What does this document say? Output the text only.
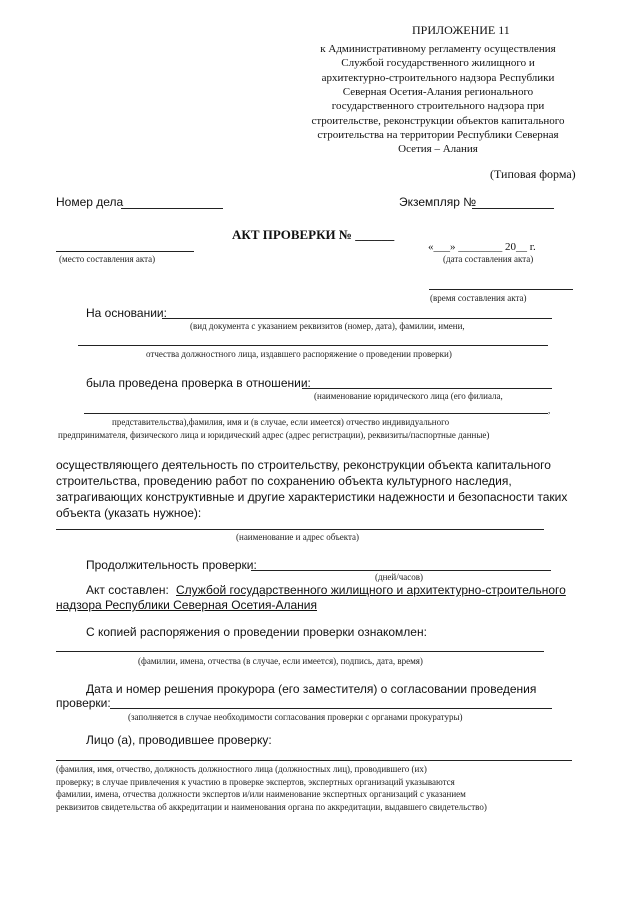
ПРИЛОЖЕНИЕ 11
к Административному регламенту осуществления
Службой государственного жилищного и
архитектурно-строительного надзора Республики
Северная Осетия-Алания регионального
государственного строительного надзора при
строительстве, реконструкции объектов капитального
строительства на территории Республики Северная
Осетия – Алания
(Типовая форма)
Номер дела	Экземпляр №
АКТ ПРОВЕРКИ № ______
(место составления акта)
«___» ________ 20__ г.
(дата составления акта)
(время составления акта)
На основании:
(вид документа с указанием реквизитов (номер, дата), фамилии, имени,
отчества должностного лица, издавшего распоряжение о проведении проверки)
была проведена проверка в отношении:
(наименование юридического лица (его филиала,
,
представительства),фамилия, имя и (в случае, если имеется) отчество индивидуального
предпринимателя, физического лица и юридический адрес (адрес регистрации), реквизиты/паспортные данные)
осуществляющего деятельность по строительству, реконструкции объекта капитального
строительства, проведению работ по сохранению объекта культурного наследия,
затрагивающих конструктивные и другие характеристики надежности и безопасности таких
объекта (указать нужное):
(наименование и адрес объекта)
Продолжительность проверки:
(дней/часов)
Акт составлен: Службой государственного жилищного и архитектурно-строительного
надзора Республики Северная Осетия-Алания
С копией распоряжения о проведении проверки ознакомлен:
(фамилии, имена, отчества (в случае, если имеется), подпись, дата, время)
Дата и номер решения прокурора (его заместителя) о согласовании проведения
проверки:
(заполняется в случае необходимости согласования проверки с органами прокуратуры)
Лицо (а), проводившее проверку:
(фамилия, имя, отчество, должность должностного лица (должностных лиц), проводившего (их)
проверку; в случае привлечения к участию в проверке экспертов, экспертных организаций указываются
фамилии, имена, отчества должности экспертов и/или наименование экспертных организаций с указанием
реквизитов свидетельства об аккредитации и наименования органа по аккредитации, выдавшего свидетельство)
